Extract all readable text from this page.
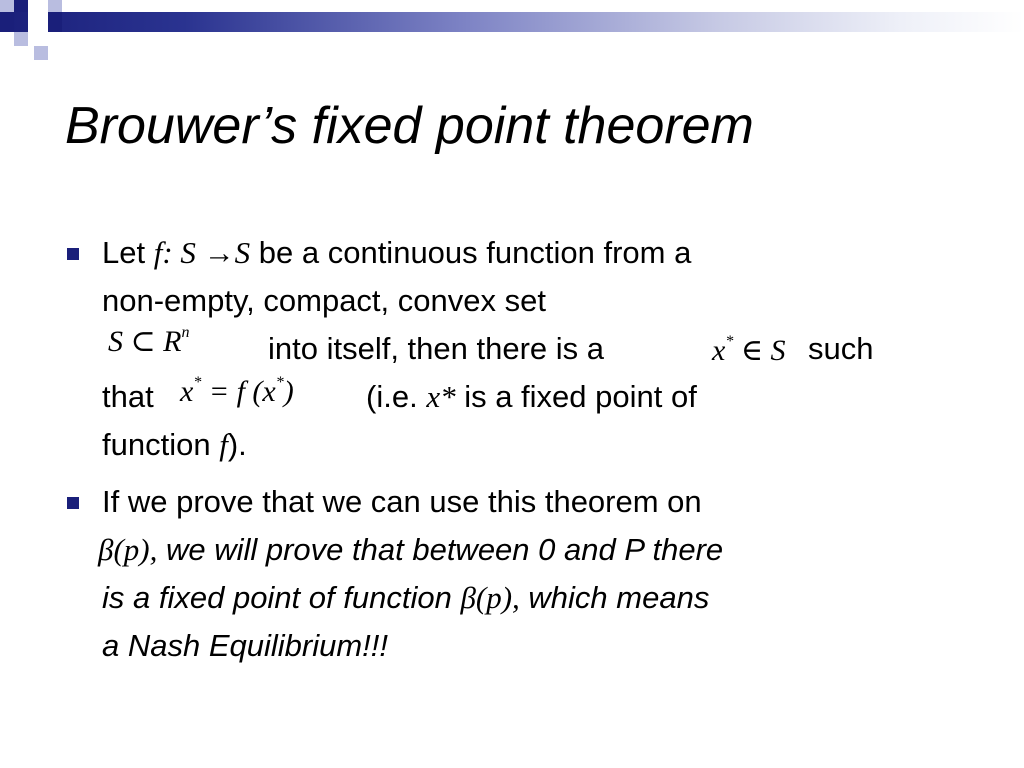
Brouwer’s fixed point theorem
Let f: S →S be a continuous function from a
non-empty, compact, convex set
S ⊂ $R^n$	into itself, then there is a	x* ∈ S such
that x* = f (x*) (i.e. x* is a fixed point of
function f).
If we prove that we can use this theorem on
β(p), we will prove that between 0 and P there
is a fixed point of function β(p), which means
a Nash Equilibrium!!!
